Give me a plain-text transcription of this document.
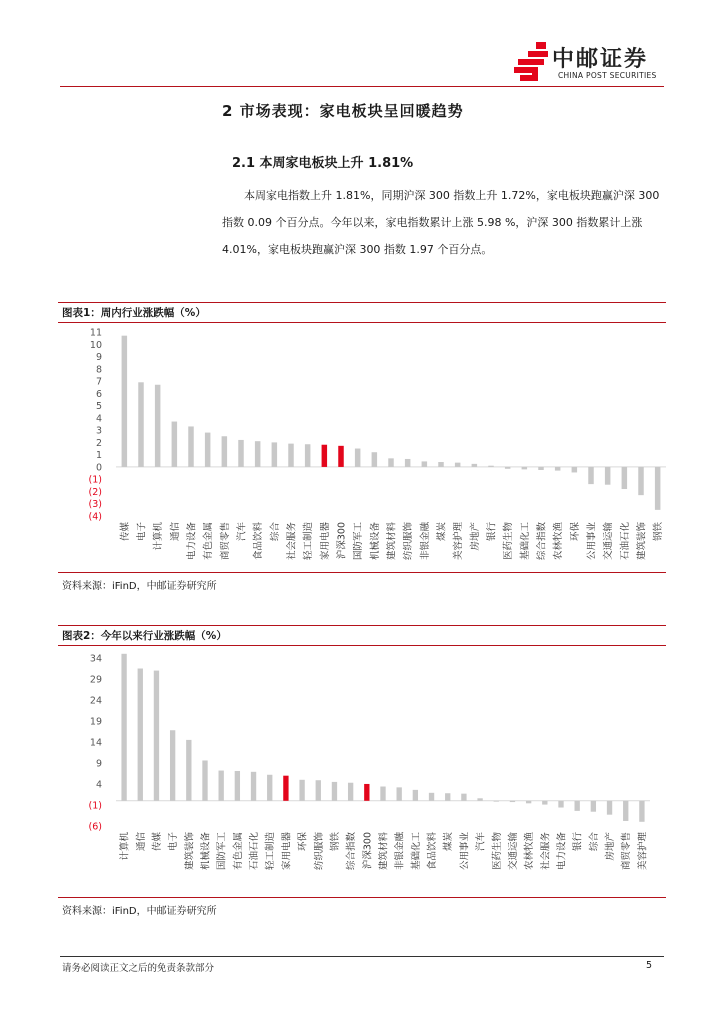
中邮证券
CHINA POST SECURITIES
2 市场表现：家电板块呈回暖趋势
2.1 本周家电板块上升 1.81%

本周家电指数上升 1.81%，同期沪深 300 指数上升 1.72%，家电板块跑赢沪深 300 指数 0.09 个百分点。今年以来，家电指数累计上涨 5.98 %，沪深 300 指数累计上涨 4.01%，家电板块跑赢沪深 300 指数 1.97 个百分点。

图表1：周内行业涨跌幅（%）
11
10
9
8
7
6
5
4
3
2
1
0
(1)
(2)
(3)
(4)
传媒 电子 计算机 通信 电力设备 有色金属 商贸零售 汽车 食品饮料 综合 社会服务 轻工制造 家用电器 沪深300 国防军工 机械设备 建筑材料 纺织服饰 非银金融 煤炭 美容护理 房地产 银行 医药生物 基础化工 综合指数 农林牧渔 环保 公用事业 交通运输 石油石化 建筑装饰 钢铁
资料来源：iFinD，中邮证券研究所
图表2：今年以来行业涨跌幅（%）
34
29
24
19
14
9
4
(1)
(6)
计算机 通信 传媒 电子 建筑装饰 机械设备 国防军工 有色金属 石油石化 轻工制造 家用电器 环保 纺织服饰 钢铁 综合指数 沪深300 建筑材料 非银金融 基础化工 食品饮料 煤炭 公用事业 汽车 医药生物 交通运输 农林牧渔 社会服务 电力设备 银行 综合 房地产 商贸零售 美容护理
资料来源：iFinD，中邮证券研究所
请务必阅读正文之后的免责条款部分	5
